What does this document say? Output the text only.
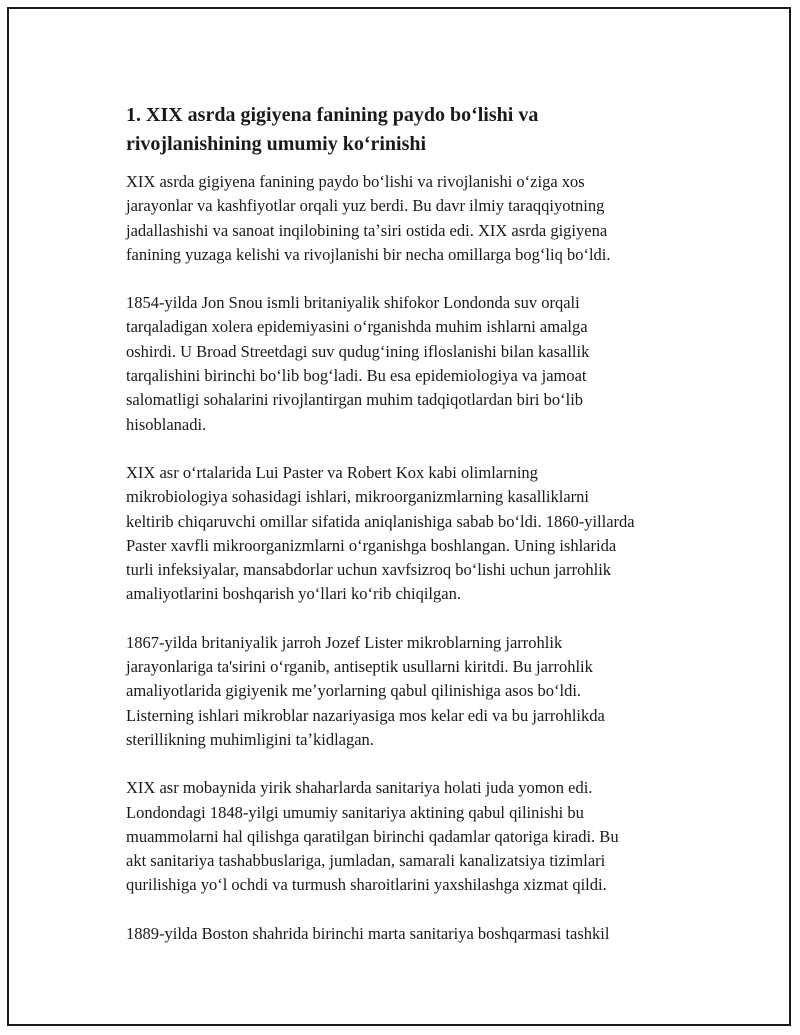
1. XIX asrda gigiyena fanining paydo boʻlishi va
rivojlanishining umumiy koʻrinishi

XIX asrda gigiyena fanining paydo boʻlishi va rivojlanishi oʻziga xos
jarayonlar va kashfiyotlar orqali yuz berdi. Bu davr ilmiy taraqqiyotning
jadallashishi va sanoat inqilobining taʼsiri ostida edi. XIX asrda gigiyena
fanining yuzaga kelishi va rivojlanishi bir necha omillarga bogʻliq boʻldi.

1854-yilda Jon Snou ismli britaniyalik shifokor Londonda suv orqali
tarqaladigan xolera epidemiyasini oʻrganishda muhim ishlarni amalga
oshirdi. U Broad Streetdagi suv qudugʻining ifloslanishi bilan kasallik
tarqalishini birinchi boʻlib bogʻladi. Bu esa epidemiologiya va jamoat
salomatligi sohalarini rivojlantirgan muhim tadqiqotlardan biri boʻlib
hisoblanadi.

XIX asr oʻrtalarida Lui Paster va Robert Kox kabi olimlarning
mikrobiologiya sohasidagi ishlari, mikroorganizmlarning kasalliklarni
keltirib chiqaruvchi omillar sifatida aniqlanishiga sabab boʻldi. 1860-yillarda
Paster xavfli mikroorganizmlarni oʻrganishga boshlangan. Uning ishlarida
turli infeksiyalar, mansabdorlar uchun xavfsizroq boʻlishi uchun jarrohlik
amaliyotlarini boshqarish yoʻllari koʻrib chiqilgan.

1867-yilda britaniyalik jarroh Jozef Lister mikroblarning jarrohlik
jarayonlariga ta'sirini oʻrganib, antiseptik usullarni kiritdi. Bu jarrohlik
amaliyotlarida gigiyenik meʼyorlarning qabul qilinishiga asos boʻldi.
Listerning ishlari mikroblar nazariyasiga mos kelar edi va bu jarrohlikda
sterillikning muhimligini taʼkidlagan.

XIX asr mobaynida yirik shaharlarda sanitariya holati juda yomon edi.
Londondagi 1848-yilgi umumiy sanitariya aktining qabul qilinishi bu
muammolarni hal qilishga qaratilgan birinchi qadamlar qatoriga kiradi. Bu
akt sanitariya tashabbuslariga, jumladan, samarali kanalizatsiya tizimlari
qurilishiga yoʻl ochdi va turmush sharoitlarini yaxshilashga xizmat qildi.

1889-yilda Boston shahrida birinchi marta sanitariya boshqarmasi tashkil
